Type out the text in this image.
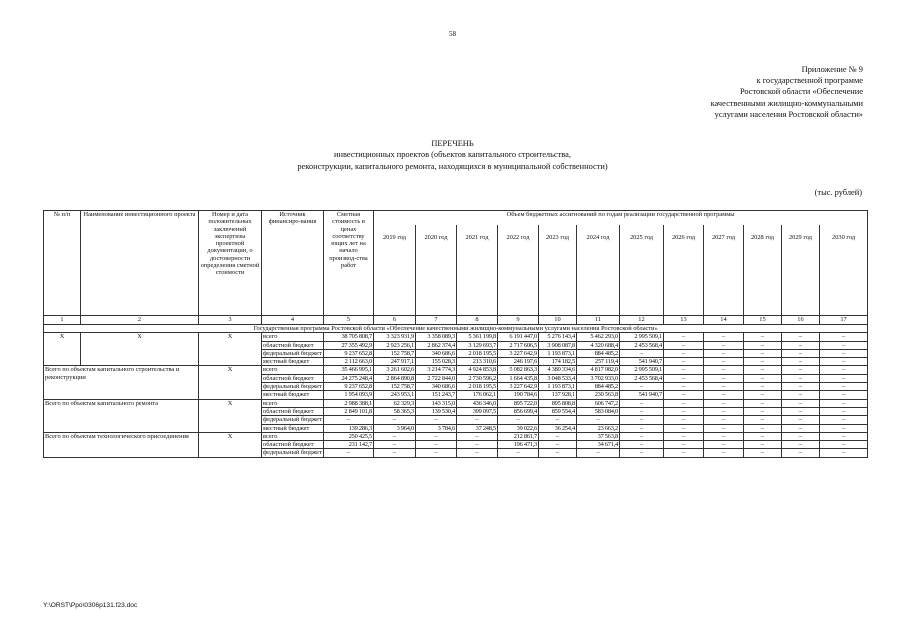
58
Приложение № 9
к государственной программе
Ростовской области «Обеспечение
качественными жилищно-коммунальными
услугами населения Ростовской области»
ПЕРЕЧЕНЬ
инвестиционных проектов (объектов капитального строительства,
реконструкции, капитального ремонта, находящихся в муниципальной собственности)
(тыс. рублей)
№ п/п	Наименование инвестиционного проекта	Номер и дата положительных заключений экспертизы проектной документации, о достоверности определения сметной стоимости	Источник финансиро-вания	Сметная стоимость в ценах соответству ющих лет на начало производ-ства работ	Объем бюджетных ассигнований по годам реализации государственной программы											
					2019 год	2020 год	2021 год	2022 год	2023 год	2024 год	2025 год	2026 год	2027 год	2028 год	2029 год	2030 год
1	2	3	4	5	6	7	8	9	10	11	12	13	14	15	16	17
Государственная программа Ростовской области «Обеспечение качественными жилищно-коммунальными услугами населения Ростовской области»																
Х	Х	Х	всего	38 705 808,7	3 323 931,9	3 358 089,3	5 361 199,8	6 191 447,0	5 276 143,4	5 462 293,0	2 995 509,1	–	–	–	–	–
			областной бюджет	27 355 492,9	2 923 256,1	2 862 374,4	3 129 693,7	2 717 606,5	3 908 087,8	4 320 688,4	2 453 568,4	–	–	–	–	–
			федеральный бюджет	9 237 652,8	152 758,7	340 686,6	2 018 195,5	3 227 642,9	1 193 873,1	884 485,2	–	–	–	–	–	–
			местный бюджет	2 112 663,0	247 917,1	155 028,3	213 310,6	246 197,6	174 182,5	257 119,4	541 940,7	–	–	–	–	–
Всего по объектам капитального строительства и реконструкции		Х	всего	35 466 995,1	3 261 602,6	3 214 774,3	4 924 853,8	5 082 863,3	4 380 334,6	4 817 982,0	2 995 509,1	–	–	–	–	–
			областной бюджет	24 275 248,4	2 864 890,8	2 722 844,0	2 730 596,2	1 664 435,8	3 048 533,4	3 702 933,0	2 453 568,4	–	–	–	–	–
			федеральный бюджет	9 237 652,8	152 758,7	340 686,6	2 018 195,5	3 227 642,9	1 193 873,1	884 485,2	–	–	–	–	–	–
			местный бюджет	1 954 093,9	243 953,1	151 243,7	176 062,1	190 784,6	137 928,1	230 563,8	541 940,7	–	–	–	–	–
Всего по объектам капитального ремонта		Х	всего	2 988 388,1	62 329,3	143 315,0	436 346,0	895 722,0	895 808,8	606 747,2	–	–	–	–	–	–
			областной бюджет	2 849 101,8	58 365,3	139 530,4	399 097,5	856 699,4	859 554,4	583 084,0	–	–	–	–	–	–
			федеральный бюджет	–	–	–	–	–	–	–	–	–	–	–	–	–
			местный бюджет	139 286,3	3 964,0	3 784,6	37 248,5	39 022,6	36 254,4	23 663,2	–	–	–	–	–	–
Всего по объектам технологического присоединения		Х	всего	250 425,5	–	–	–	212 861,7	–	37 563,8	–	–	–	–	–	–
			областной бюджет	231 142,7	–	–	–	196 471,3	–	34 671,4	–	–	–	–	–	–
			федеральный бюджет	–	–	–	–	–	–	–	–	–	–	–	–	–
Y:\ORST\Ppo\0306p131.f23.doc
